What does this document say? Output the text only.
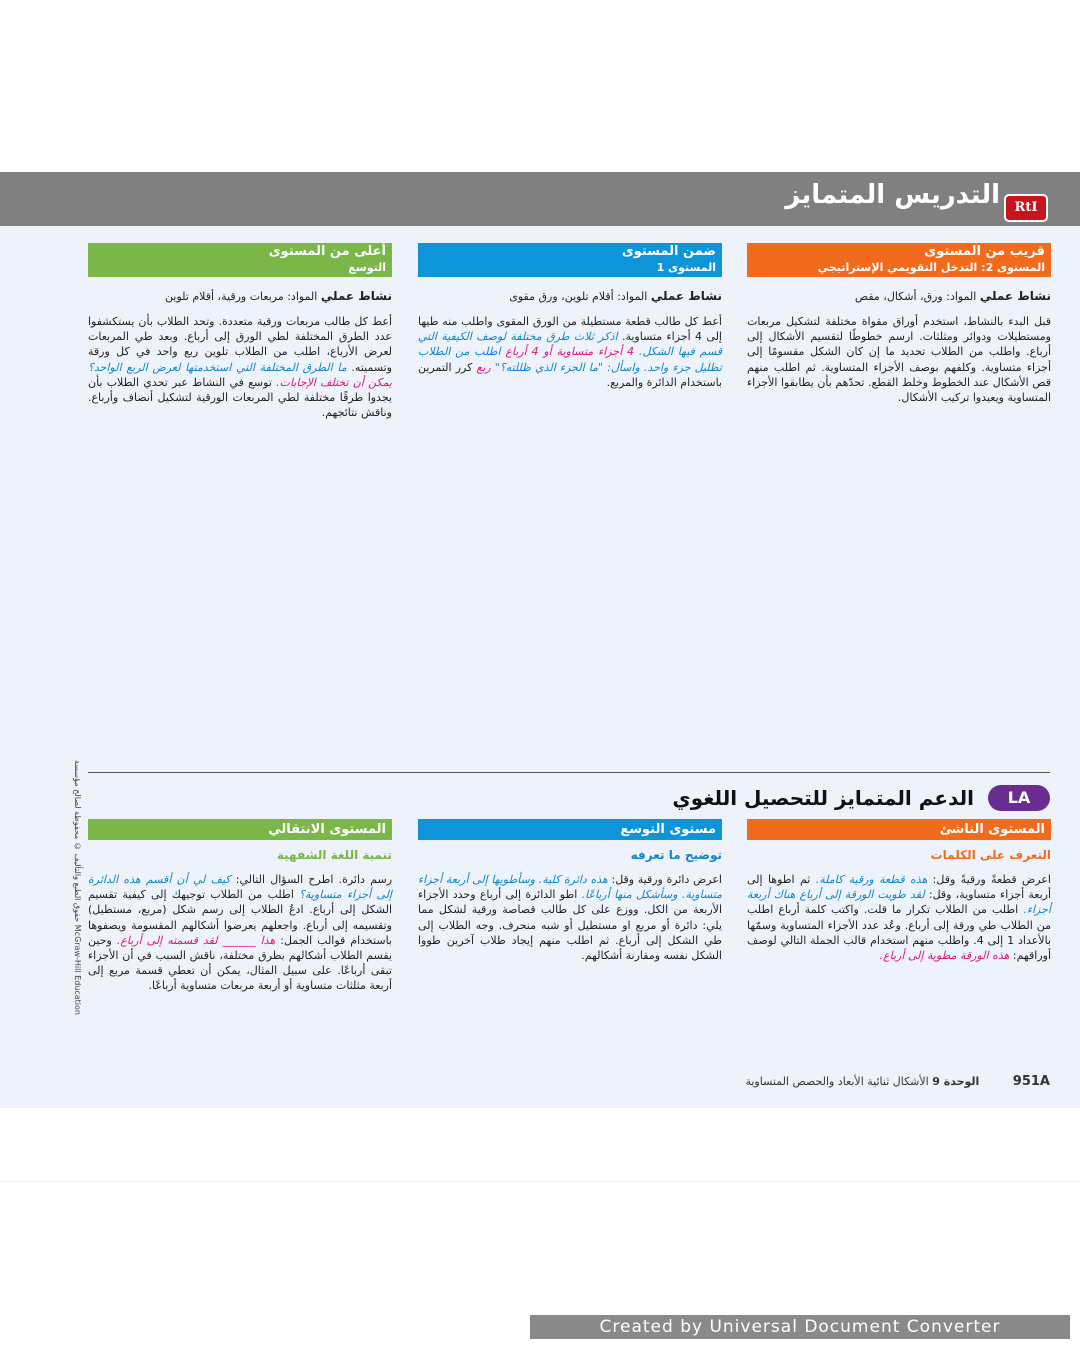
التدريس المتمايز	RtI
قريب من المستوى
المستوى 2: التدخل التقويمي الإستراتيجي
نشاط عملي المواد: ورق، أشكال، مقص
قبل البدء بالنشاط، استخدم أوراق مقواة مختلفة لتشكيل مربعات ومستطيلات ودوائر ومثلثات. ارسم خطوطًا لتقسيم الأشكال إلى أرباع. واطلب من الطلاب تحديد ما إن كان الشكل مقسومًا إلى أجزاء متساوية. وكلفهم بوصف الأجزاء المتساوية. ثم اطلب منهم قص الأشكال عند الخطوط وخلط القطع. تحدّهم بأن يطابقوا الأجزاء المتساوية ويعيدوا تركيب الأشكال.
ضمن المستوى
المستوى 1
نشاط عملي المواد: أقلام تلوين، ورق مقوى
أعط كل طالب قطعة مستطيلة من الورق المقوى واطلب منه طيها إلى 4 أجزاء متساوية. اذكر ثلاث طرق مختلفة لوصف الكيفية التي قسم فيها الشكل. 4 أجزاء متساوية أو 4 أرباع اطلب من الطلاب تظليل جزء واحد. واسأل: "ما الجزء الذي ظللته؟" ربع كرر التمرين باستخدام الدائرة والمربع.
أعلى من المستوى
التوسع
نشاط عملي المواد: مربعات ورقية، أقلام تلوين
أعط كل طالب مربعات ورقية متعددة. وتحد الطلاب بأن يستكشفوا عدد الطرق المختلفة لطي الورق إلى أرباع. وبعد طي المربعات لعرض الأرباع، اطلب من الطلاب تلوين ربع واحد في كل ورقة وتسميته. ما الطرق المختلفة التي استخدمتها لعرض الربع الواحد؟ يمكن أن تختلف الإجابات. توسع في النشاط عبر تحدي الطلاب بأن يجدوا طرقًا مختلفة لطي المربعات الورقية لتشكيل أنصاف وأرباع. وناقش نتائجهم.
الدعم المتمايز للتحصيل اللغوي	LA
المستوى الناشئ
التعرف على الكلمات
اعرض قطعةً ورقيةً وقل: هذه قطعة ورقية كاملة. ثم اطوها إلى أربعة أجزاء متساوية، وقل: لقد طويت الورقة إلى أرباع هناك أربعة أجزاء. اطلب من الطلاب تكرار ما قلت. واكتب كلمة أرباع اطلب من الطلاب طي ورقة إلى أرباع. وعُد عدد الأجزاء المتساوية وسمّها بالأعداد 1 إلى 4. واطلب منهم استخدام قالب الجملة التالي لوصف أوراقهم: هذه الورقة مطوية إلى أرباع.
مستوى التوسع
توضيح ما تعرفه
اعرض دائرة ورقية وقل: هذه دائرة كلية. وسأطويها إلى أربعة أجزاء متساوية. وسأشكل منها أرباعًا. اطو الدائرة إلى أرباع وحدد الأجزاء الأربعة من الكل. ووزع على كل طالب قصاصة ورقية لشكل مما يلي: دائرة أو مربع او مستطيل أو شبه منحرف. وجه الطلاب إلى طي الشكل إلى أرباع. ثم اطلب منهم إيجاد طلاب آخرين طووا الشكل نفسه ومقارنة أشكالهم.
المستوى الانتقالي
تنمية اللغة الشفهية
رسم دائرة. اطرح السؤال التالي: كيف لي أن أقسم هذه الدائرة إلى أجزاء متساوية؟ اطلب من الطلاب توجيهك إلى كيفية تقسيم الشكل إلى أرباع. ادعُ الطلاب إلى رسم شكل (مربع، مستطيل) وتقسيمه إلى أرباع. واجعلهم يعرضوا أشكالهم المقسومة ويصفوها باستخدام قوالب الجمل: هذا ______ لقد قسمته إلى أرباع. وحين يقسم الطلاب أشكالهم بطرق مختلفة، ناقش السبب في أن الأجزاء تبقى أرباعًا. على سبيل المثال، يمكن أن تعطي قسمة مربع إلى أربعة مثلثات متساوية أو أربعة مربعات متساوية أرباعًا.
حقوق الطبع والتأليف © محفوظة لصالح مؤسسة McGraw-Hill Education
951A الوحدة 9 الأشكال ثنائية الأبعاد والحصص المتساوية
Created by Universal Document Converter
